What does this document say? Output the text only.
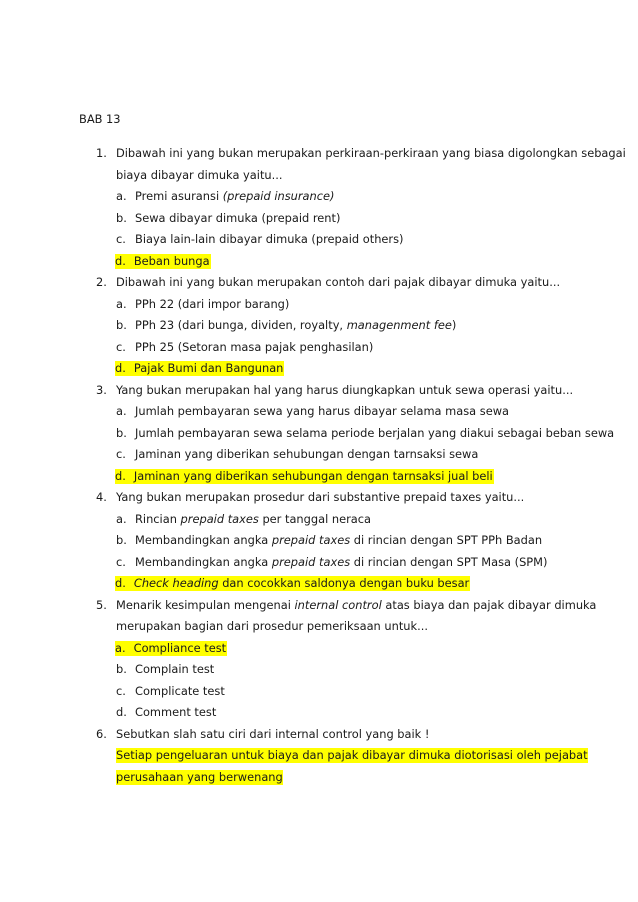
BAB 13
1. Dibawah ini yang bukan merupakan perkiraan-perkiraan yang biasa digolongkan sebagai
biaya dibayar dimuka yaitu...
a. Premi asuransi (prepaid insurance)
b. Sewa dibayar dimuka (prepaid rent)
c. Biaya lain-lain dibayar dimuka (prepaid others)
d. Beban bunga
2. Dibawah ini yang bukan merupakan contoh dari pajak dibayar dimuka yaitu...
a. PPh 22 (dari impor barang)
b. PPh 23 (dari bunga, dividen, royalty, managenment fee)
c. PPh 25 (Setoran masa pajak penghasilan)
d. Pajak Bumi dan Bangunan
3. Yang bukan merupakan hal yang harus diungkapkan untuk sewa operasi yaitu...
a. Jumlah pembayaran sewa yang harus dibayar selama masa sewa
b. Jumlah pembayaran sewa selama periode berjalan yang diakui sebagai beban sewa
c. Jaminan yang diberikan sehubungan dengan tarnsaksi sewa
d. Jaminan yang diberikan sehubungan dengan tarnsaksi jual beli
4. Yang bukan merupakan prosedur dari substantive prepaid taxes yaitu...
a. Rincian prepaid taxes per tanggal neraca
b. Membandingkan angka prepaid taxes di rincian dengan SPT PPh Badan
c. Membandingkan angka prepaid taxes di rincian dengan SPT Masa (SPM)
d. Check heading dan cocokkan saldonya dengan buku besar
5. Menarik kesimpulan mengenai internal control atas biaya dan pajak dibayar dimuka
merupakan bagian dari prosedur pemeriksaan untuk...
a. Compliance test
b. Complain test
c. Complicate test
d. Comment test
6. Sebutkan slah satu ciri dari internal control yang baik !
Setiap pengeluaran untuk biaya dan pajak dibayar dimuka diotorisasi oleh pejabat
perusahaan yang berwenang
